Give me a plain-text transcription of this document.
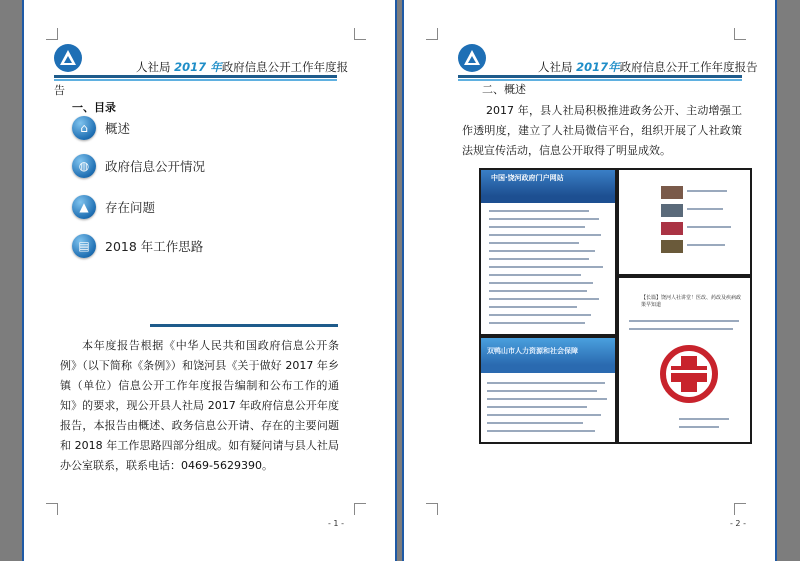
人社局 2017 年政府信息公开工作年度报
告
一、目录
⌂	概述
◍	政府信息公开情况
▲	存在问题
▤	2018 年工作思路
本年度报告根据《中华人民共和国政府信息公开条例》（以下简称《条例》）和饶河县《关于做好 2017 年乡镇（单位）信息公开工作年度报告编制和公布工作的通知》的要求，现公开县人社局 2017 年政府信息公开年度报告，本报告由概述、政务信息公开请、存在的主要问题和 2018 年工作思路四部分组成。如有疑问请与县人社局办公室联系，联系电话：0469-5629390。
- 1 -
人社局 2017年政府信息公开工作年度报告
二、概述
2017 年，县人社局积极推进政务公开、主动增强工作透明度，建立了人社局微信平台，组织开展了人社政策法规宣传活动，信息公开取得了明显成效。
中国·饶河政府门户网站
双鸭山市人力资源和社会保障
【长篇】饶河人社讲堂！医改、药改及疾病政策早知道
- 2 -
